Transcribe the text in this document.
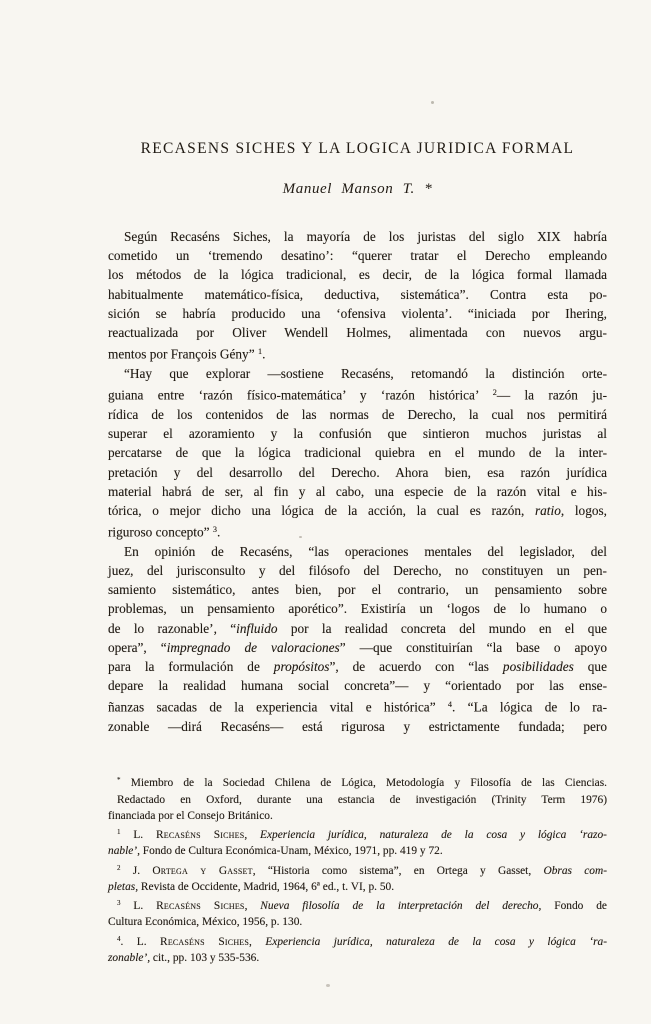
RECASENS SICHES Y LA LOGICA JURIDICA FORMAL
Manuel Manson T. *
Según Recaséns Siches, la mayoría de los juristas del siglo XIX habría
cometido un ‘tremendo desatino’: “querer tratar el Derecho empleando
los métodos de la lógica tradicional, es decir, de la lógica formal llamada
habitualmente matemático-física, deductiva, sistemática”. Contra esta po-
sición se habría producido una ‘ofensiva violenta’. “iniciada por Ihering,
reactualizada por Oliver Wendell Holmes, alimentada con nuevos argu-
mentos por François Gény” $^1$.
“Hay que explorar —sostiene Recaséns, retomandó la distinción orte-
guiana entre ‘razón físico-matemática’ y ‘razón histórica’ $^2$— la razón ju-
rídica de los contenidos de las normas de Derecho, la cual nos permitirá
superar el azoramiento y la confusión que sintieron muchos juristas al
percatarse de que la lógica tradicional quiebra en el mundo de la inter-
pretación y del desarrollo del Derecho. Ahora bien, esa razón jurídica
material habrá de ser, al fin y al cabo, una especie de la razón vital e his-
tórica, o mejor dicho una lógica de la acción, la cual es razón, ratio, logos,
riguroso concepto” $^3$.
En opinión de Recaséns, “las operaciones mentales del legislador, del
juez, del jurisconsulto y del filósofo del Derecho, no constituyen un pen-
samiento sistemático, antes bien, por el contrario, un pensamiento sobre
problemas, un pensamiento aporético”. Existiría un ‘logos de lo humano o
de lo razonable’, “influido por la realidad concreta del mundo en el que
opera”, “impregnado de valoraciones” —que constituirían “la base o apoyo
para la formulación de propósitos”, de acuerdo con “las posibilidades que
depare la realidad humana social concreta”— y “orientado por las ense-
ñanzas sacadas de la experiencia vital e histórica” $^4$. “La lógica de lo ra-
zonable —dirá Recaséns— está rigurosa y estrictamente fundada; pero
* Miembro de la Sociedad Chilena de Lógica, Metodología y Filosofía de las Ciencias.
Redactado en Oxford, durante una estancia de investigación (Trinity Term 1976)
financiada por el Consejo Británico.
$^1$ L. Recaséns Siches, Experiencia jurídica, naturaleza de la cosa y lógica ‘razo-
nable’, Fondo de Cultura Económica-Unam, México, 1971, pp. 419 y 72.
$^2$ J. Ortega y Gasset, “Historia como sistema”, en Ortega y Gasset, Obras com-
pletas, Revista de Occidente, Madrid, 1964, 6ª ed., t. VI, p. 50.
$^3$ L. Recaséns Siches, Nueva filosolía de la interpretación del derecho, Fondo de
Cultura Económica, México, 1956, p. 130.
$^4$. L. Recaséns Siches, Experiencia jurídica, naturaleza de la cosa y lógica ‘ra-
zonable’, cit., pp. 103 y 535-536.
